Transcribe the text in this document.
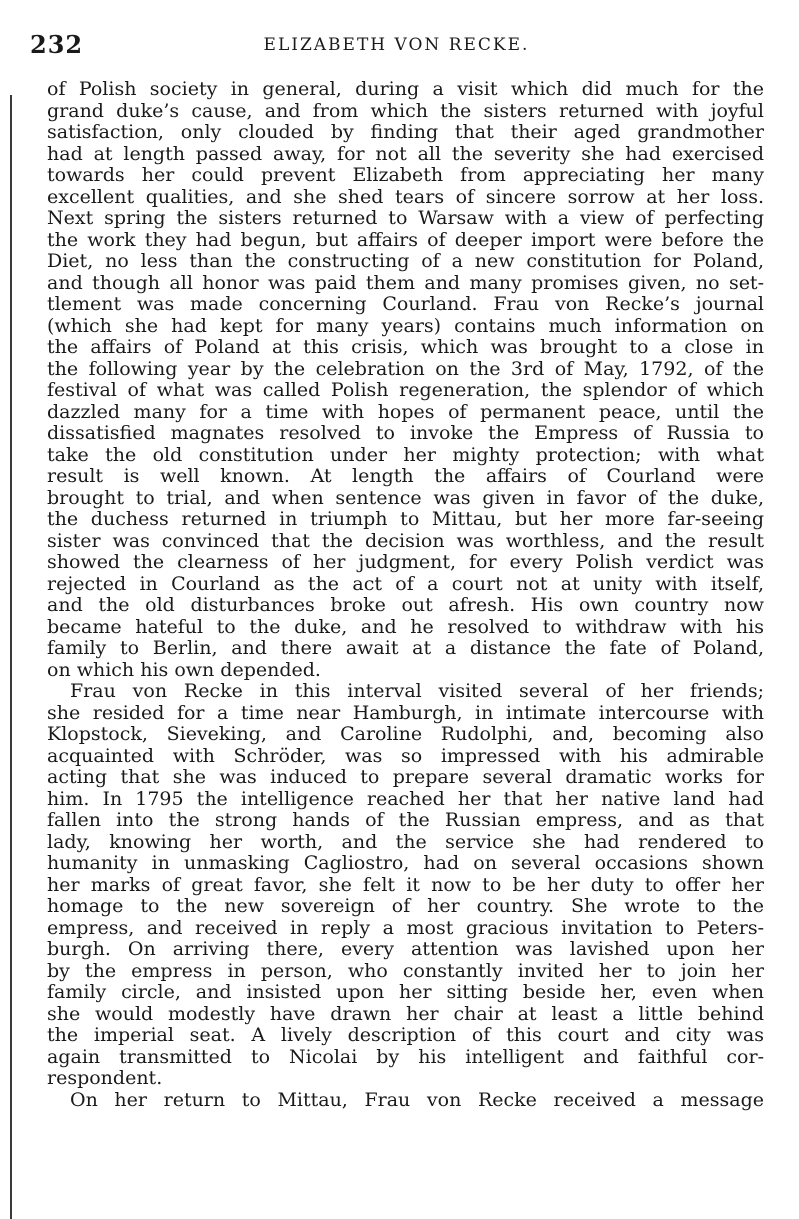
232	ELIZABETH VON RECKE.
of Polish society in general, during a visit which did much for the
grand duke’s cause, and from which the sisters returned with joyful
satisfaction, only clouded by finding that their aged grandmother
had at length passed away, for not all the severity she had exercised
towards her could prevent Elizabeth from appreciating her many
excellent qualities, and she shed tears of sincere sorrow at her loss.
Next spring the sisters returned to Warsaw with a view of perfecting
the work they had begun, but affairs of deeper import were before the
Diet, no less than the constructing of a new constitution for Poland,
and though all honor was paid them and many promises given, no set-
tlement was made concerning Courland. Frau von Recke’s journal
(which she had kept for many years) contains much information on
the affairs of Poland at this crisis, which was brought to a close in
the following year by the celebration on the 3rd of May, 1792, of the
festival of what was called Polish regeneration, the splendor of which
dazzled many for a time with hopes of permanent peace, until the
dissatisfied magnates resolved to invoke the Empress of Russia to
take the old constitution under her mighty protection; with what
result is well known. At length the affairs of Courland were
brought to trial, and when sentence was given in favor of the duke,
the duchess returned in triumph to Mittau, but her more far-seeing
sister was convinced that the decision was worthless, and the result
showed the clearness of her judgment, for every Polish verdict was
rejected in Courland as the act of a court not at unity with itself,
and the old disturbances broke out afresh. His own country now
became hateful to the duke, and he resolved to withdraw with his
family to Berlin, and there await at a distance the fate of Poland,
on which his own depended.
Frau von Recke in this interval visited several of her friends;
she resided for a time near Hamburgh, in intimate intercourse with
Klopstock, Sieveking, and Caroline Rudolphi, and, becoming also
acquainted with Schröder, was so impressed with his admirable
acting that she was induced to prepare several dramatic works for
him. In 1795 the intelligence reached her that her native land had
fallen into the strong hands of the Russian empress, and as that
lady, knowing her worth, and the service she had rendered to
humanity in unmasking Cagliostro, had on several occasions shown
her marks of great favor, she felt it now to be her duty to offer her
homage to the new sovereign of her country. She wrote to the
empress, and received in reply a most gracious invitation to Peters-
burgh. On arriving there, every attention was lavished upon her
by the empress in person, who constantly invited her to join her
family circle, and insisted upon her sitting beside her, even when
she would modestly have drawn her chair at least a little behind
the imperial seat. A lively description of this court and city was
again transmitted to Nicolai by his intelligent and faithful cor-
respondent.
On her return to Mittau, Frau von Recke received a message
